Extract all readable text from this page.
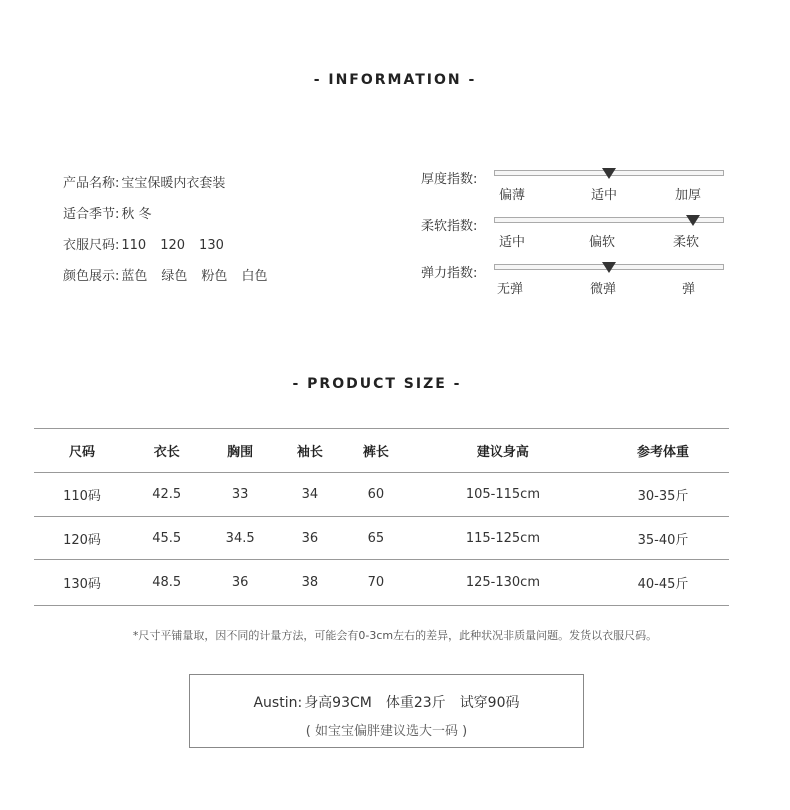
- INFORMATION -
产品名称: 宝宝保暖内衣套装
适合季节: 秋 冬
衣服尺码: 110 120 130
颜色展示: 蓝色 绿色 粉色 白色
厚度指数:
偏薄	适中	加厚
柔软指数:
适中	偏软	柔软
弹力指数:
无弹	微弹	弹
- PRODUCT SIZE -
尺码	衣长	胸围	袖长	裤长	建议身高	参考体重
110码	42.5	33	34	60	105-115cm	30-35斤
120码	45.5	34.5	36	65	115-125cm	35-40斤
130码	48.5	36	38	70	125-130cm	40-45斤
*尺寸平铺量取，因不同的计量方法，可能会有0-3cm左右的差异，此种状况非质量问题。发货以衣服尺码。
Austin: 身高93CM 体重23斤 试穿90码
( 如宝宝偏胖建议选大一码 )
